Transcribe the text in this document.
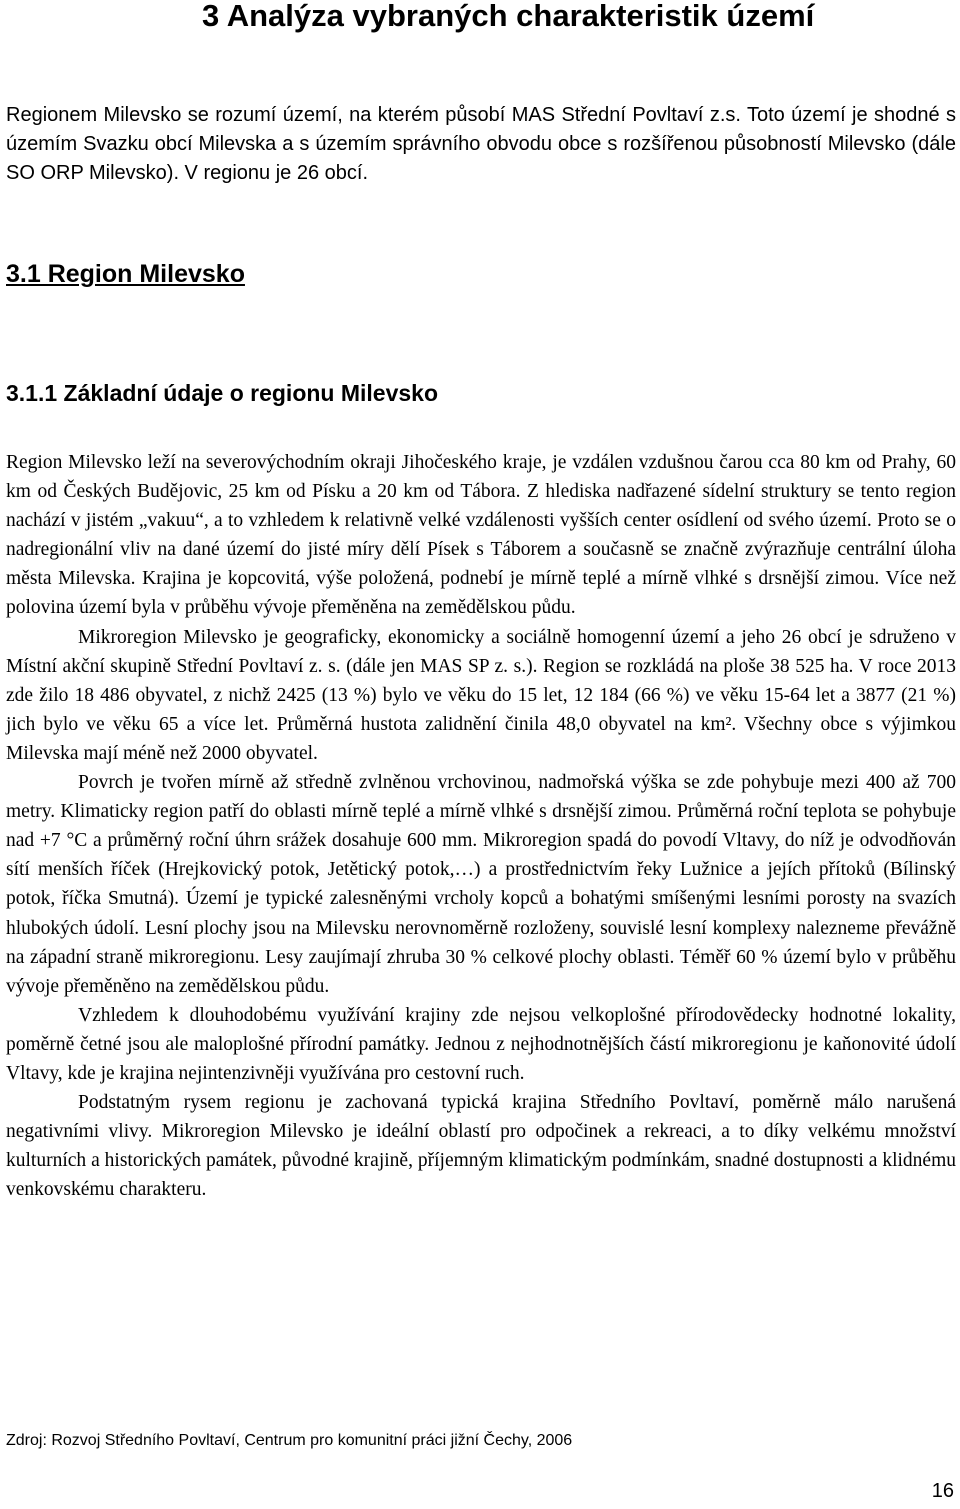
3 Analýza vybraných charakteristik území

Regionem Milevsko se rozumí území, na kterém působí MAS Střední Povltaví z.s. Toto území je shodné s územím Svazku obcí Milevska a s územím správního obvodu obce s rozšířenou působností Milevsko (dále SO ORP Milevsko). V regionu je 26 obcí.

3.1 Region Milevsko
3.1.1 Základní údaje o regionu Milevsko

Region Milevsko leží na severovýchodním okraji Jihočeského kraje, je vzdálen vzdušnou čarou cca 80 km od Prahy, 60 km od Českých Budějovic, 25 km od Písku a 20 km od Tábora. Z hlediska nadřazené sídelní struktury se tento region nachází v jistém „vakuu“, a to vzhledem k relativně velké vzdálenosti vyšších center osídlení od svého území. Proto se o nadregionální vliv na dané území do jisté míry dělí Písek s Táborem a současně se značně zvýrazňuje centrální úloha města Milevska. Krajina je kopcovitá, výše položená, podnebí je mírně teplé a mírně vlhké s drsnější zimou. Více než polovina území byla v průběhu vývoje přeměněna na zemědělskou půdu.

Mikroregion Milevsko je geograficky, ekonomicky a sociálně homogenní území a jeho 26 obcí je sdruženo v Místní akční skupině Střední Povltaví z. s. (dále jen MAS SP z. s.). Region se rozkládá na ploše 38 525 ha. V roce 2013 zde žilo 18 486 obyvatel, z nichž 2425 (13 %) bylo ve věku do 15 let, 12 184 (66 %) ve věku 15-64 let a 3877 (21 %) jich bylo ve věku 65 a více let. Průměrná hustota zalidnění činila 48,0 obyvatel na km². Všechny obce s výjimkou Milevska mají méně než 2000 obyvatel.

Povrch je tvořen mírně až středně zvlněnou vrchovinou, nadmořská výška se zde pohybuje mezi 400 až 700 metry. Klimaticky region patří do oblasti mírně teplé a mírně vlhké s drsnější zimou. Průměrná roční teplota se pohybuje nad +7 °C a průměrný roční úhrn srážek dosahuje 600 mm. Mikroregion spadá do povodí Vltavy, do níž je odvodňován sítí menších říček (Hrejkovický potok, Jetětický potok,…) a prostřednictvím řeky Lužnice a jejích přítoků (Bílinský potok, říčka Smutná). Území je typické zalesněnými vrcholy kopců a bohatými smíšenými lesními porosty na svazích hlubokých údolí. Lesní plochy jsou na Milevsku nerovnoměrně rozloženy, souvislé lesní komplexy nalezneme převážně na západní straně mikroregionu. Lesy zaujímají zhruba 30 % celkové plochy oblasti. Téměř 60 % území bylo v průběhu vývoje přeměněno na zemědělskou půdu.

Vzhledem k dlouhodobému využívání krajiny zde nejsou velkoplošné přírodovědecky hodnotné lokality, poměrně četné jsou ale maloplošné přírodní památky. Jednou z nejhodnotnějších částí mikroregionu je kaňonovité údolí Vltavy, kde je krajina nejintenzivněji využívána pro cestovní ruch.

Podstatným rysem regionu je zachovaná typická krajina Středního Povltaví, poměrně málo narušená negativními vlivy. Mikroregion Milevsko je ideální oblastí pro odpočinek a rekreaci, a to díky velkému množství kulturních a historických památek, původné krajině, příjemným klimatickým podmínkám, snadné dostupnosti a klidnému venkovskému charakteru.

Zdroj: Rozvoj Středního Povltaví, Centrum pro komunitní práci jižní Čechy, 2006

16
